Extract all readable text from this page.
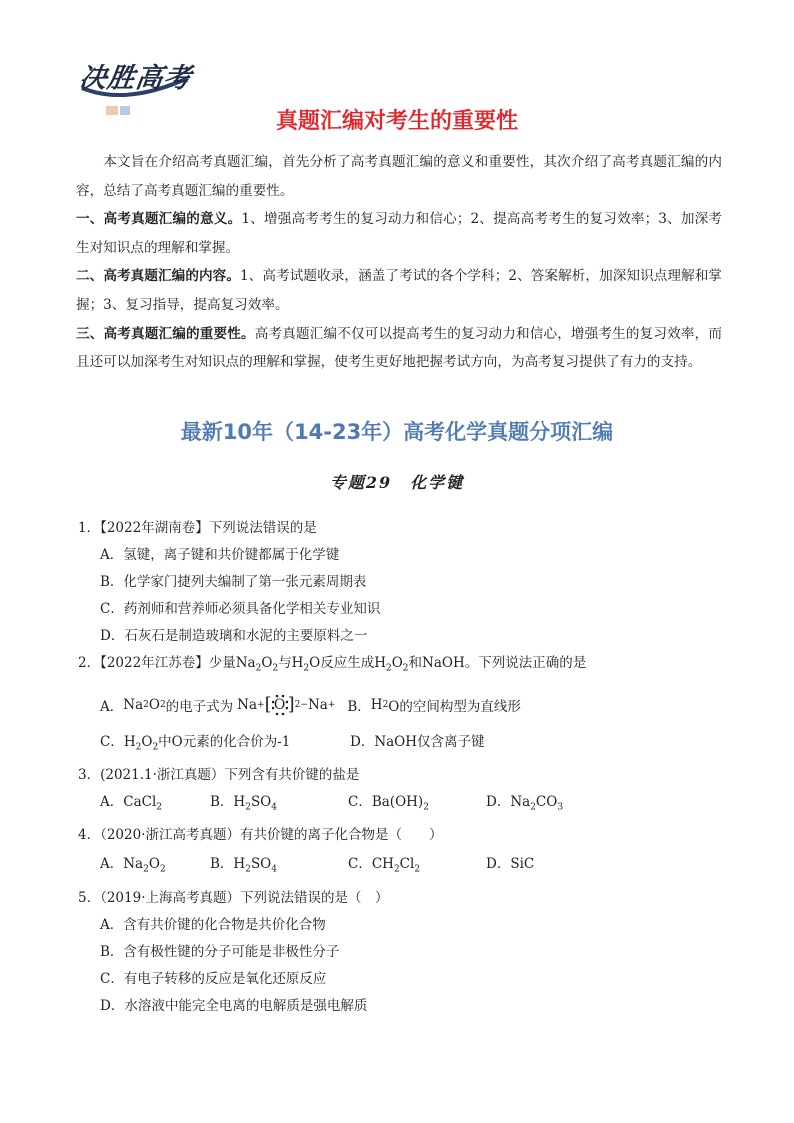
决胜高考
真题汇编对考生的重要性

本文旨在介绍高考真题汇编，首先分析了高考真题汇编的意义和重要性，其次介绍了高考真题汇编的内容，总结了高考真题汇编的重要性。

一、高考真题汇编的意义。1、增强高考考生的复习动力和信心；2、提高高考考生的复习效率；3、加深考生对知识点的理解和掌握。

二、高考真题汇编的内容。1、高考试题收录，涵盖了考试的各个学科；2、答案解析，加深知识点理解和掌握；3、复习指导，提高复习效率。

三、高考真题汇编的重要性。高考真题汇编不仅可以提高考生的复习动力和信心，增强考生的复习效率，而且还可以加深考生对知识点的理解和掌握，使考生更好地把握考试方向，为高考复习提供了有力的支持。

最新10年（14-23年）高考化学真题分项汇编
专题29　化学键

1．【2022年湖南卷】下列说法错误的是

A．氢键，离子键和共价键都属于化学键

B．化学家门捷列夫编制了第一张元素周期表

C．药剂师和营养师必须具备化学相关专业知识

D．石灰石是制造玻璃和水泥的主要原料之一

2．【2022年江苏卷】少量$Na_2O_2$与$H_2O$反应生成$H_2O_2$和NaOH。下列说法正确的是

A． Na 2 O 2 的电子式为 Na + [ O ] 2− Na + B． H 2 O的空间构型为直线形
C．$H_2O_2$中O元素的化合价为-1	D．NaOH仅含离子键

3．(2021.1·浙江真题）下列含有共价键的盐是

A．CaCl$_2$	B．$H_2SO_4$	C．$Ba(OH)_2$	D．$Na_2CO_3$

4．（2020·浙江高考真题）有共价键的离子化合物是（　　）

A．$Na_2O_2$	B．$H_2SO_4$	C．$CH_2Cl_2$	D．SiC

5．（2019·上海高考真题）下列说法错误的是（　）

A．含有共价键的化合物是共价化合物

B．含有极性键的分子可能是非极性分子

C．有电子转移的反应是氧化还原反应

D．水溶液中能完全电离的电解质是强电解质
